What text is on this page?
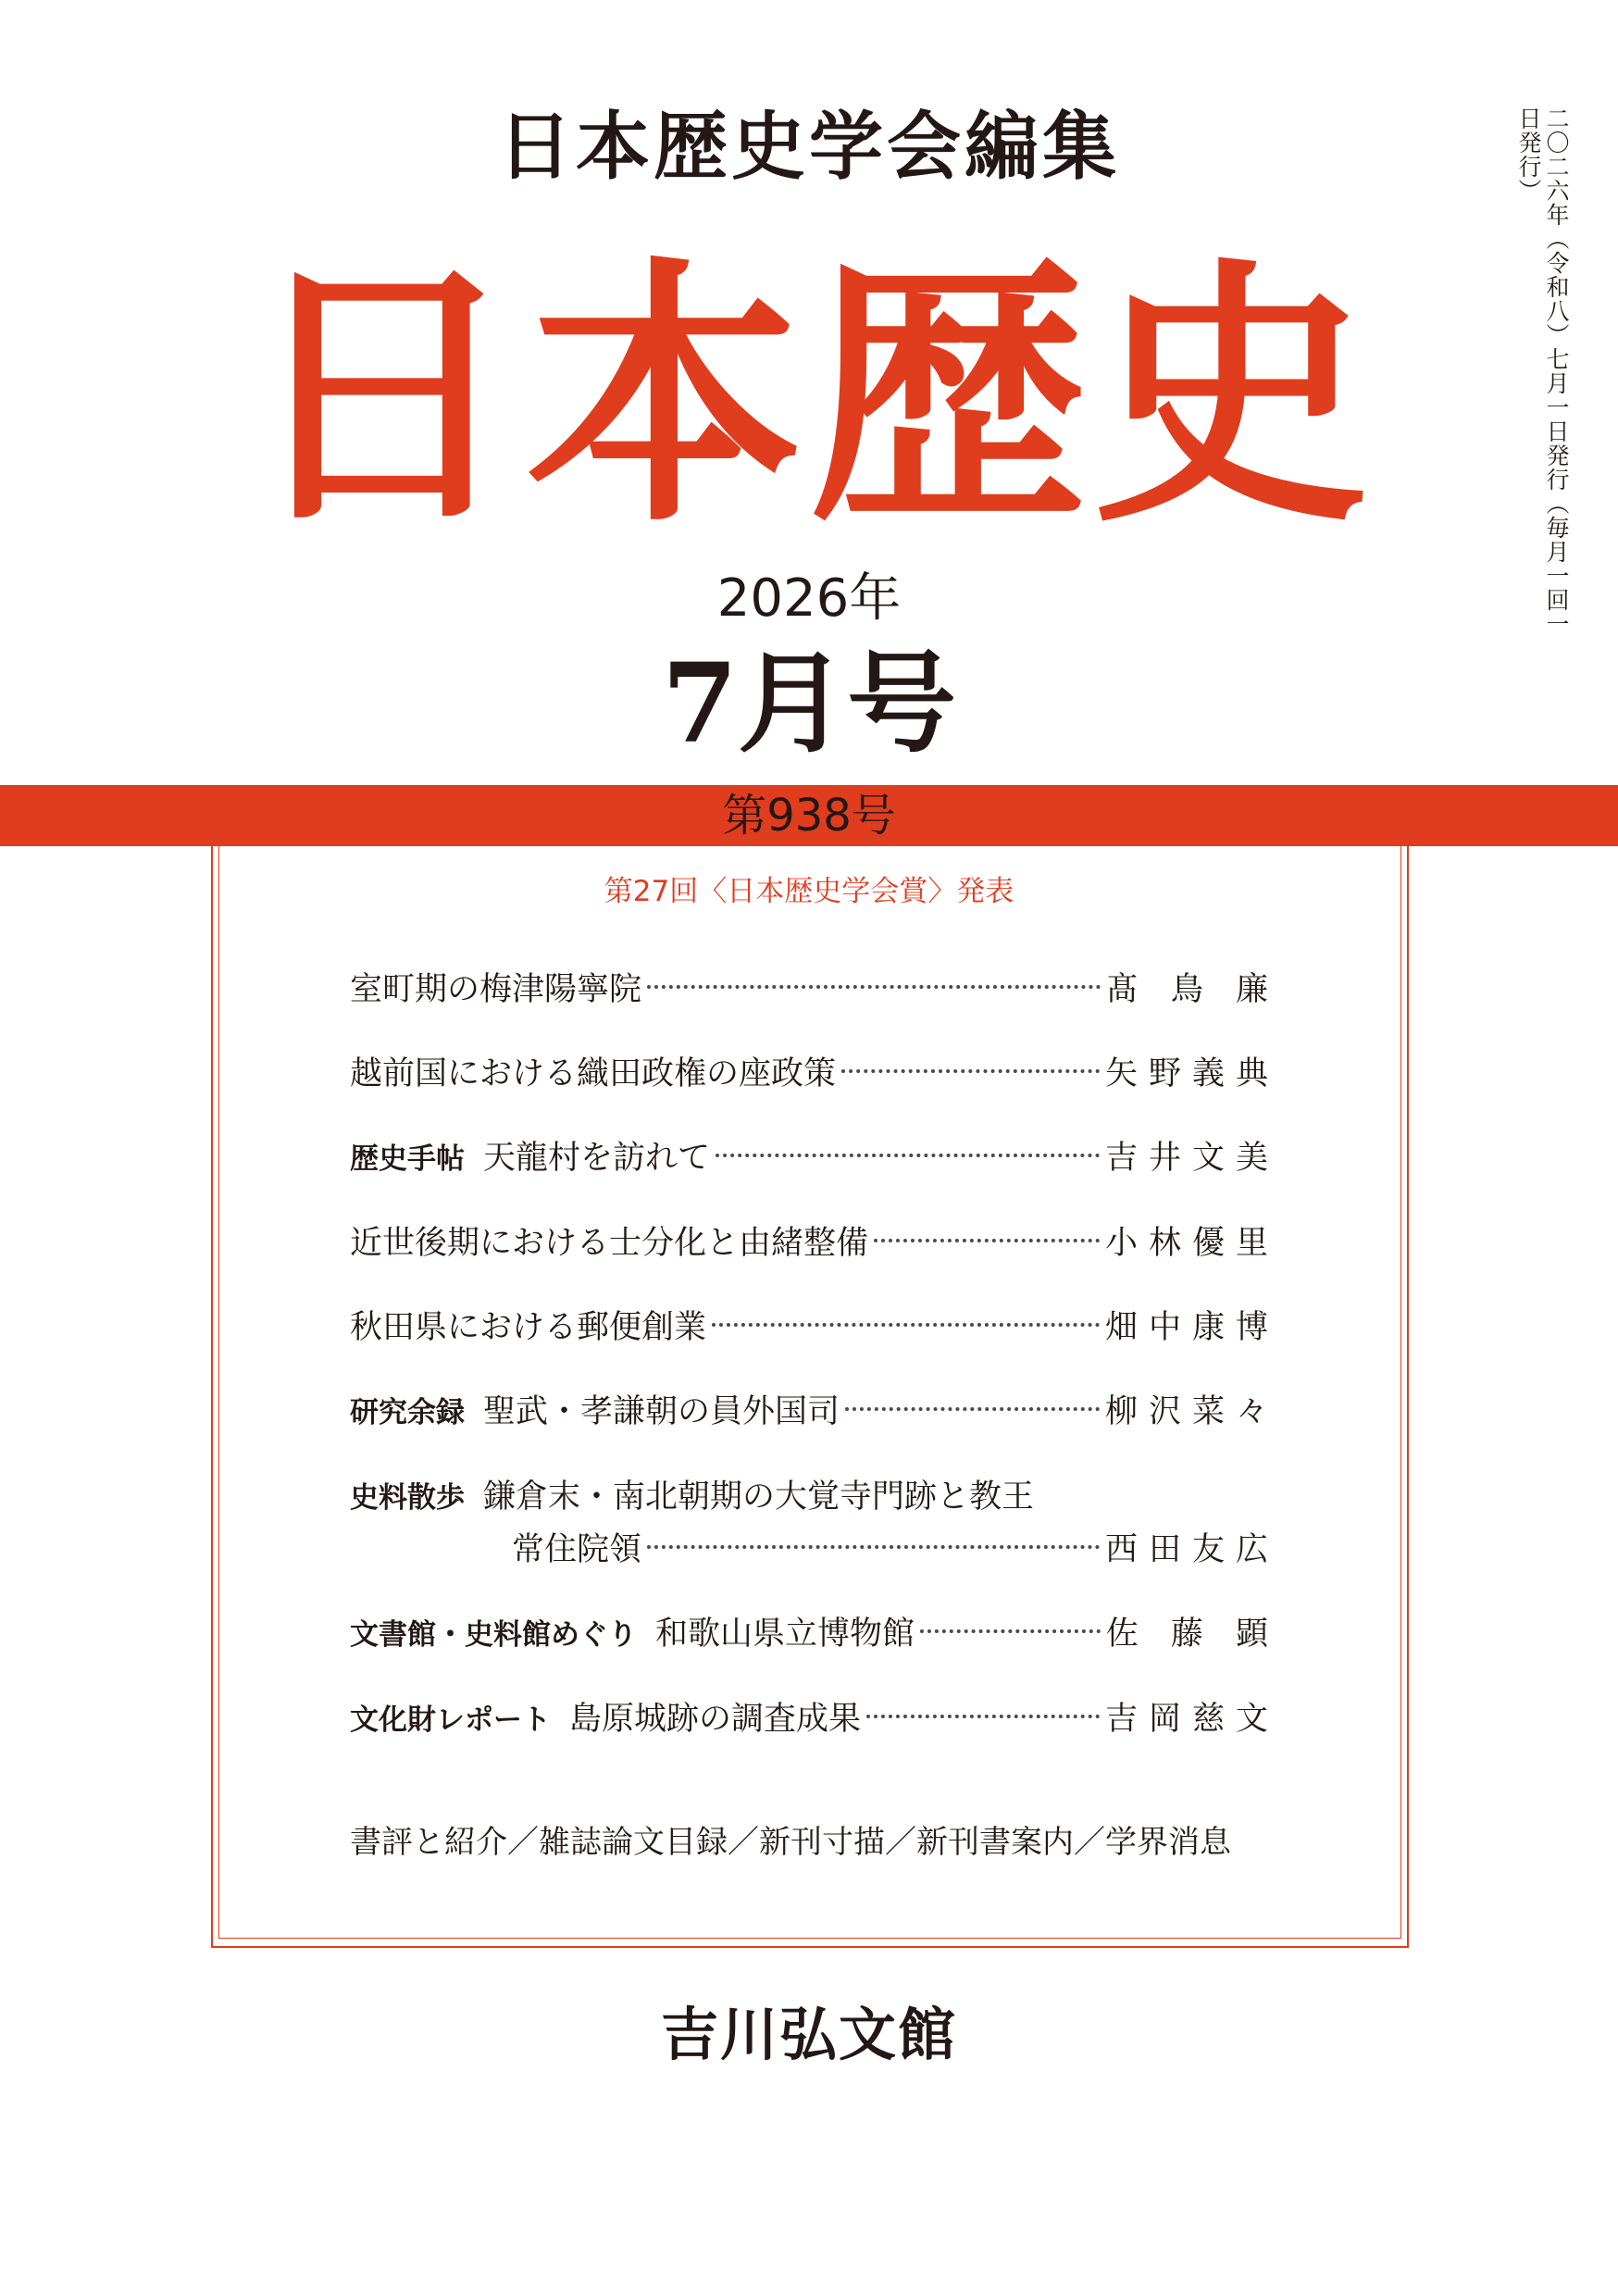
日本歴史学会編集
日本歴史
2026年
7月号
二〇二六年（令和八）七月一日発行（毎月一回一日発行）
第938号
第27回〈日本歴史学会賞〉発表
室町期の梅津陽寧院	髙 鳥 廉
越前国における織田政権の座政策	矢野義典
歴史手帖 天龍村を訪れて	吉井文美
近世後期における士分化と由緒整備	小林優里
秋田県における郵便創業	畑中康博
研究余録 聖武・孝謙朝の員外国司	柳沢菜々
史料散歩 鎌倉末・南北朝期の大覚寺門跡と教王
常住院領	西田友広
文書館・史料館めぐり 和歌山県立博物館	佐 藤 顕
文化財レポート 島原城跡の調査成果	吉岡慈文
書評と紹介／雑誌論文目録／新刊寸描／新刊書案内／学界消息
吉川弘文館
